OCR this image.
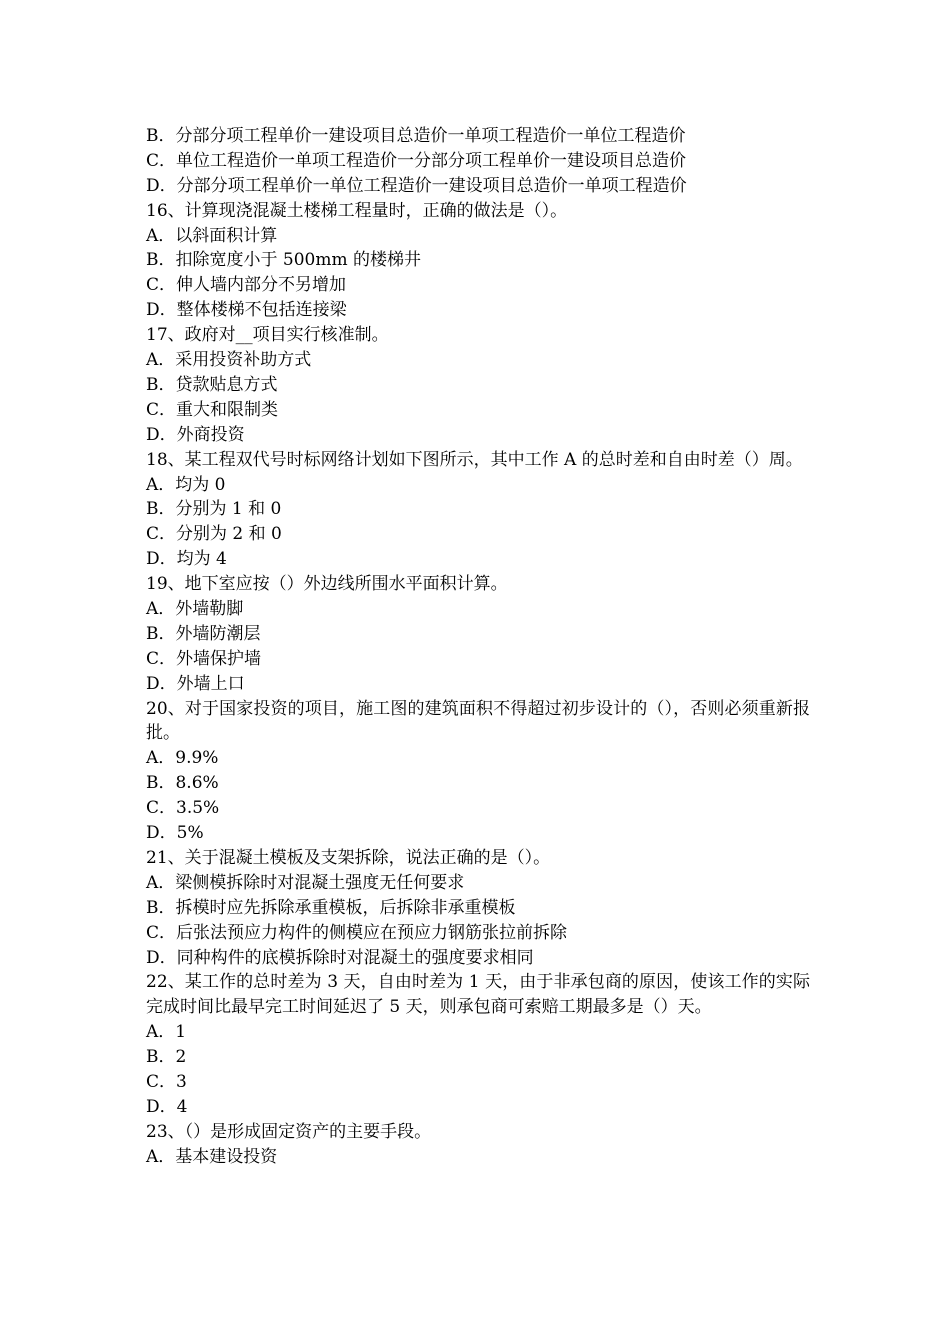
B．分部分项工程单价一建设项目总造价一单项工程造价一单位工程造价
C．单位工程造价一单项工程造价一分部分项工程单价一建设项目总造价
D．分部分项工程单价一单位工程造价一建设项目总造价一单项工程造价
16、计算现浇混凝土楼梯工程量时，正确的做法是（）。
A．以斜面积计算
B．扣除宽度小于 500mm 的楼梯井
C．伸人墙内部分不另增加
D．整体楼梯不包括连接梁
17、政府对__项目实行核准制。
A．采用投资补助方式
B．贷款贴息方式
C．重大和限制类
D．外商投资
18、某工程双代号时标网络计划如下图所示，其中工作 A 的总时差和自由时差（）周。
A．均为 0
B．分别为 1 和 0
C．分别为 2 和 0
D．均为 4
19、地下室应按（）外边线所围水平面积计算。
A．外墙勒脚
B．外墙防潮层
C．外墙保护墙
D．外墙上口
20、对于国家投资的项目，施工图的建筑面积不得超过初步设计的（），否则必须重新报批。
A．9.9%
B．8.6%
C．3.5%
D．5%
21、关于混凝土模板及支架拆除，说法正确的是（）。
A．梁侧模拆除时对混凝土强度无任何要求
B．拆模时应先拆除承重模板，后拆除非承重模板
C．后张法预应力构件的侧模应在预应力钢筋张拉前拆除
D．同种构件的底模拆除时对混凝土的强度要求相同
22、某工作的总时差为 3 天，自由时差为 1 天，由于非承包商的原因，使该工作的实际完成时间比最早完工时间延迟了 5 天，则承包商可索赔工期最多是（）天。
A．1
B．2
C．3
D．4
23、（）是形成固定资产的主要手段。
A．基本建设投资
